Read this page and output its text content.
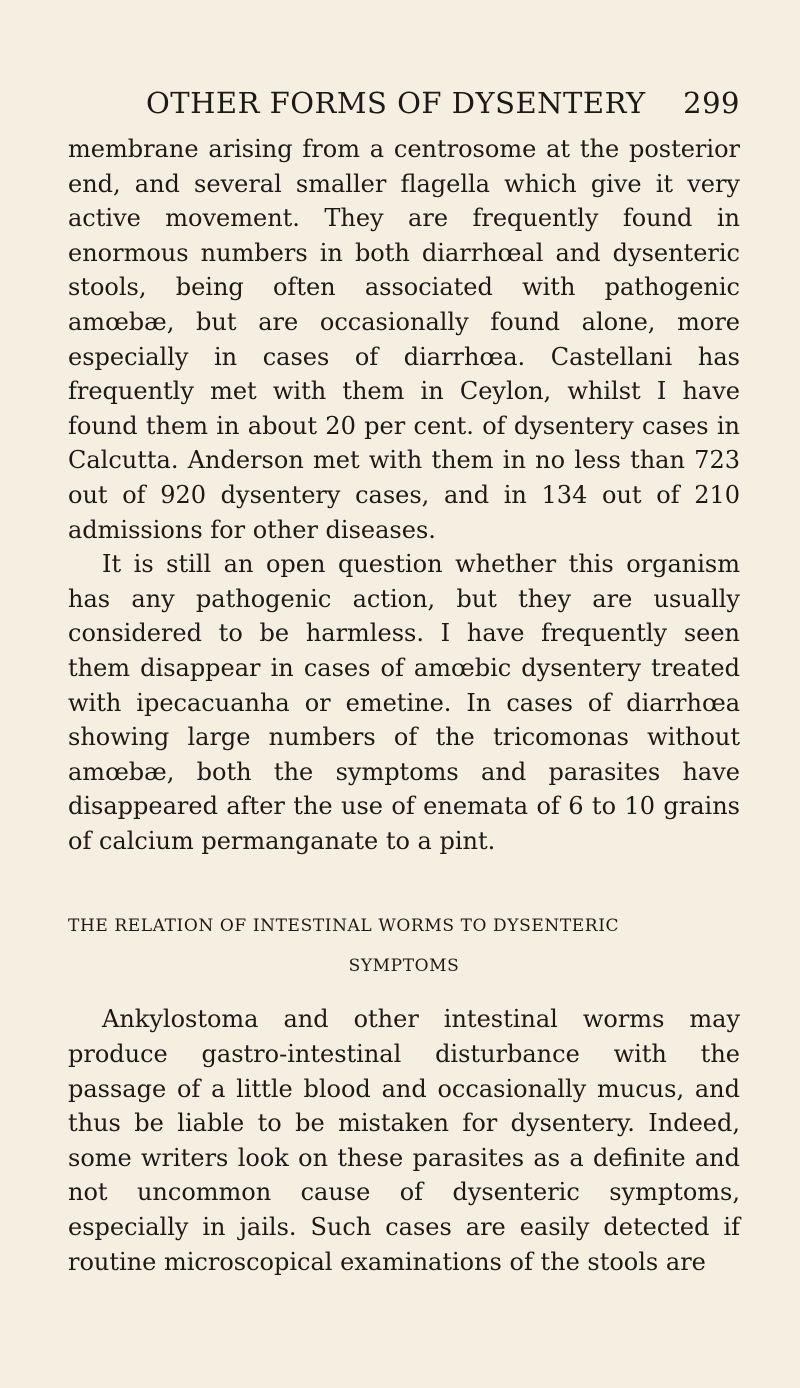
OTHER FORMS OF DYSENTERY 299

membrane arising from a centrosome at the posterior end, and several smaller flagella which give it very active movement. They are frequently found in enormous numbers in both diarrhœal and dysenteric stools, being often associated with pathogenic amœbæ, but are occasionally found alone, more especially in cases of diarrhœa. Castellani has frequently met with them in Ceylon, whilst I have found them in about 20 per cent. of dysentery cases in Calcutta. Anderson met with them in no less than 723 out of 920 dysentery cases, and in 134 out of 210 admissions for other diseases.

It is still an open question whether this organism has any pathogenic action, but they are usually considered to be harmless. I have frequently seen them disappear in cases of amœbic dysentery treated with ipecacuanha or emetine. In cases of diarrhœa showing large numbers of the tricomonas without amœbæ, both the symptoms and parasites have disappeared after the use of enemata of 6 to 10 grains of calcium permanganate to a pint.

THE RELATION OF INTESTINAL WORMS TO DYSENTERIC
SYMPTOMS

Ankylostoma and other intestinal worms may produce gastro-intestinal disturbance with the passage of a little blood and occasionally mucus, and thus be liable to be mistaken for dysentery. Indeed, some writers look on these parasites as a definite and not uncommon cause of dysenteric symptoms, especially in jails. Such cases are easily detected if routine microscopical examinations of the stools are
